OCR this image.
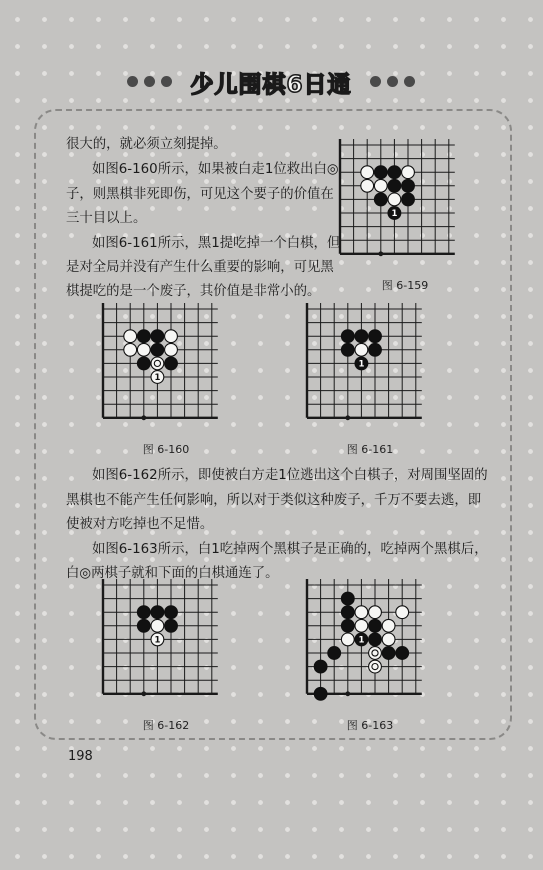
少儿围棋6日通

很大的，就必须立刻提掉。

如图6-160所示，如果被白走1位救出白◎

子，则黑棋非死即伤，可见这个要子的价值在

三十目以上。

如图6-161所示，黑1提吃掉一个白棋，但

是对全局并没有产生什么重要的影响，可见黑

棋提吃的是一个废子，其价值是非常小的。

如图6-162所示，即使被白方走1位逃出这个白棋子，对周围坚固的

黑棋也不能产生任何影响，所以对于类似这种废子，千万不要去逃，即

使被对方吃掉也不足惜。

如图6-163所示，白1吃掉两个黑棋子是正确的，吃掉两个黑棋后，

白◎两棋子就和下面的白棋通连了。

1
图 6-159
1
图 6-160
1
图 6-161
1
图 6-162
1
图 6-163
198
